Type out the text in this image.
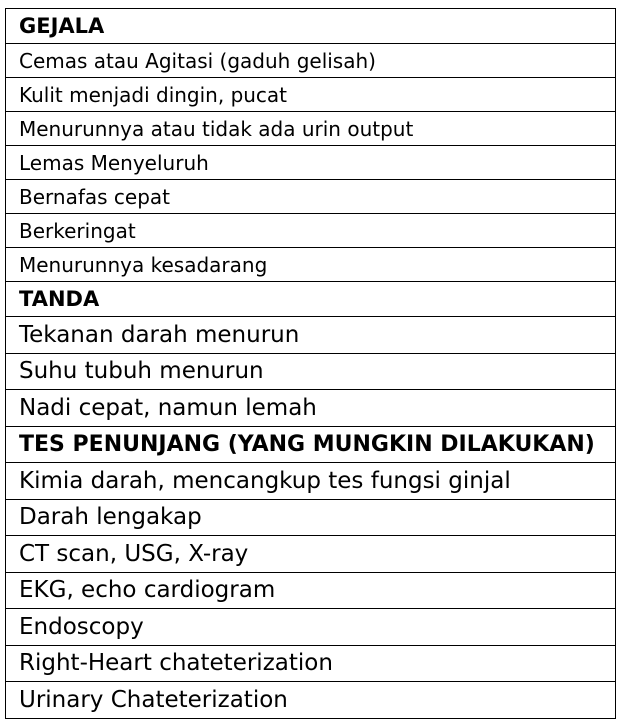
GEJALA
Cemas atau Agitasi (gaduh gelisah)
Kulit menjadi dingin, pucat
Menurunnya atau tidak ada urin output
Lemas Menyeluruh
Bernafas cepat
Berkeringat
Menurunnya kesadarang
TANDA
Tekanan darah menurun
Suhu tubuh menurun
Nadi cepat, namun lemah
TES PENUNJANG (YANG MUNGKIN DILAKUKAN)
Kimia darah, mencangkup tes fungsi ginjal
Darah lengakap
CT scan, USG, X-ray
EKG, echo cardiogram
Endoscopy
Right-Heart chateterization
Urinary Chateterization
